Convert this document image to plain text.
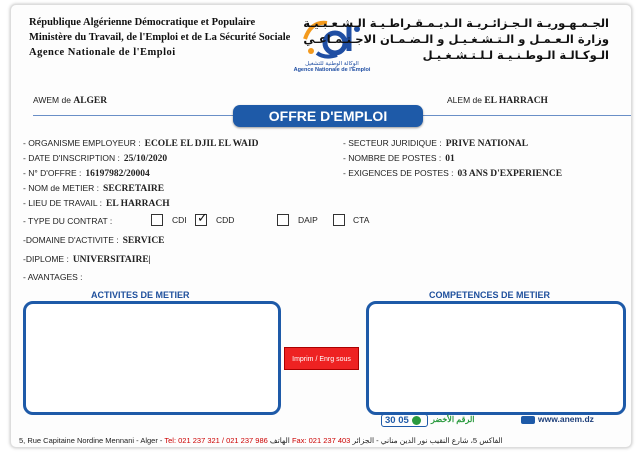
République Algérienne Démocratique et Populaire
Ministère du Travail, de l'Emploi et de La Sécurité Sociale
Agence Nationale de l'Emploi
الوكالة الوطنية للتشغيل
Agence Nationale de l'Emploi
الجـمـهـوريـة الـجـزائـريـة الـديـمـقـراطـيـة الـشـعـبـيـة
وزارة الـعـمـل و الـتـشـغـيـل و الـضـمـان الاجـتـمـاعـي
الـوكـالـة الـوطـنـيـة لـلـتـشـغـيـل
AWEM de ALGER	ALEM de EL HARRACH
OFFRE D'EMPLOI
- ORGANISME EMPLOYEUR : ECOLE EL DJIL EL WAID
- DATE D'INSCRIPTION : 25/10/2020
- N° D'OFFRE : 16197982/20004
- NOM de METIER : SECRETAIRE
- LIEU DE TRAVAIL : EL HARRACH
- SECTEUR JURIDIQUE : PRIVE NATIONAL
- NOMBRE DE POSTES : 01
- EXIGENCES DE POSTES : 03 ANS D'EXPERIENCE
- TYPE DU CONTRAT :	CDI ✓ CDD	DAIP	CTA
-DOMAINE D'ACTIVITE : SERVICE
-DIPLOME : UNIVERSITAIRE|
- AVANTAGES :
ACTIVITES DE METIER	COMPETENCES DE METIER
Imprim / Enrg sous
30 05	الرقم الأخضر	www.anem.dz
5, Rue Capitaine Nordine Mennani - Alger - Tel: 021 237 321 / 021 237 986 الهاتف Fax: 021 237 403	الفاكس 5، شارع النقيب نور الدين مناني - الجزائر
